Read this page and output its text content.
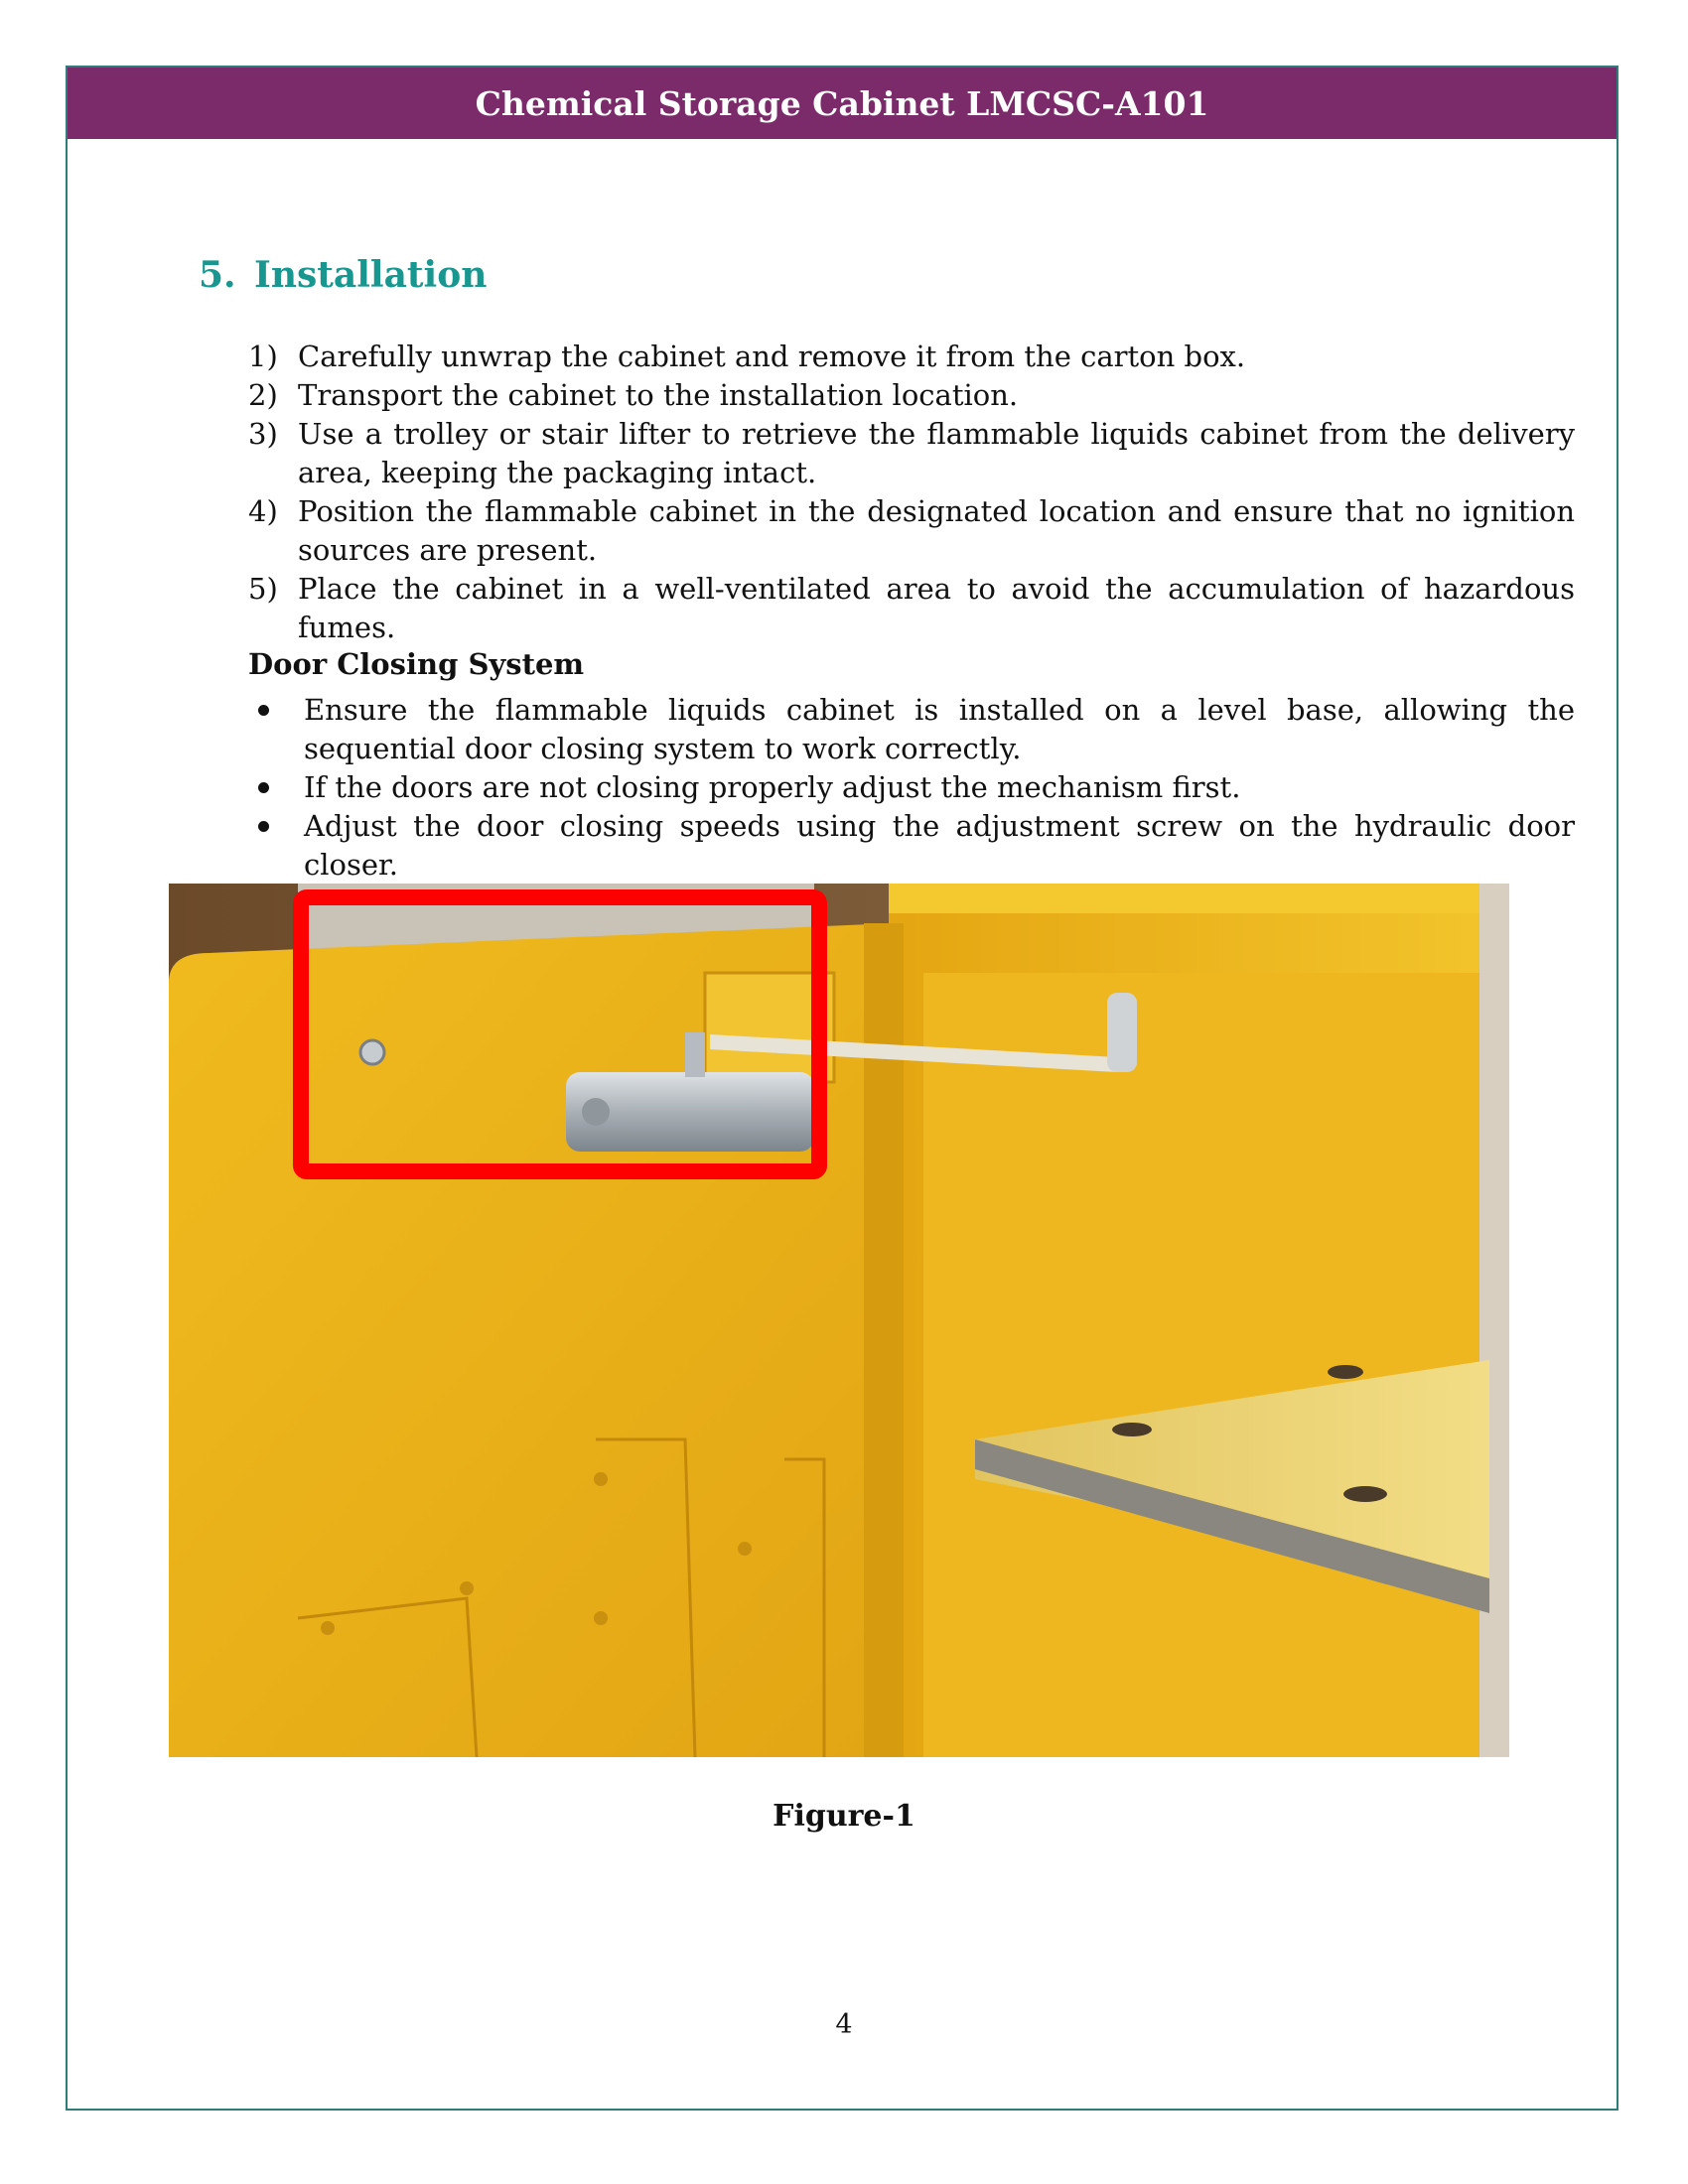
Chemical Storage Cabinet LMCSC-A101
5. Installation
1) Carefully unwrap the cabinet and remove it from the carton box.
2) Transport the cabinet to the installation location.
3) Use a trolley or stair lifter to retrieve the flammable liquids cabinet from the delivery area, keeping the packaging intact.
4) Position the flammable cabinet in the designated location and ensure that no ignition sources are present.
5) Place the cabinet in a well-ventilated area to avoid the accumulation of hazardous fumes.
Door Closing System
Ensure the flammable liquids cabinet is installed on a level base, allowing the sequential door closing system to work correctly.
If the doors are not closing properly adjust the mechanism first.
Adjust the door closing speeds using the adjustment screw on the hydraulic door closer.

Figure-1

4
